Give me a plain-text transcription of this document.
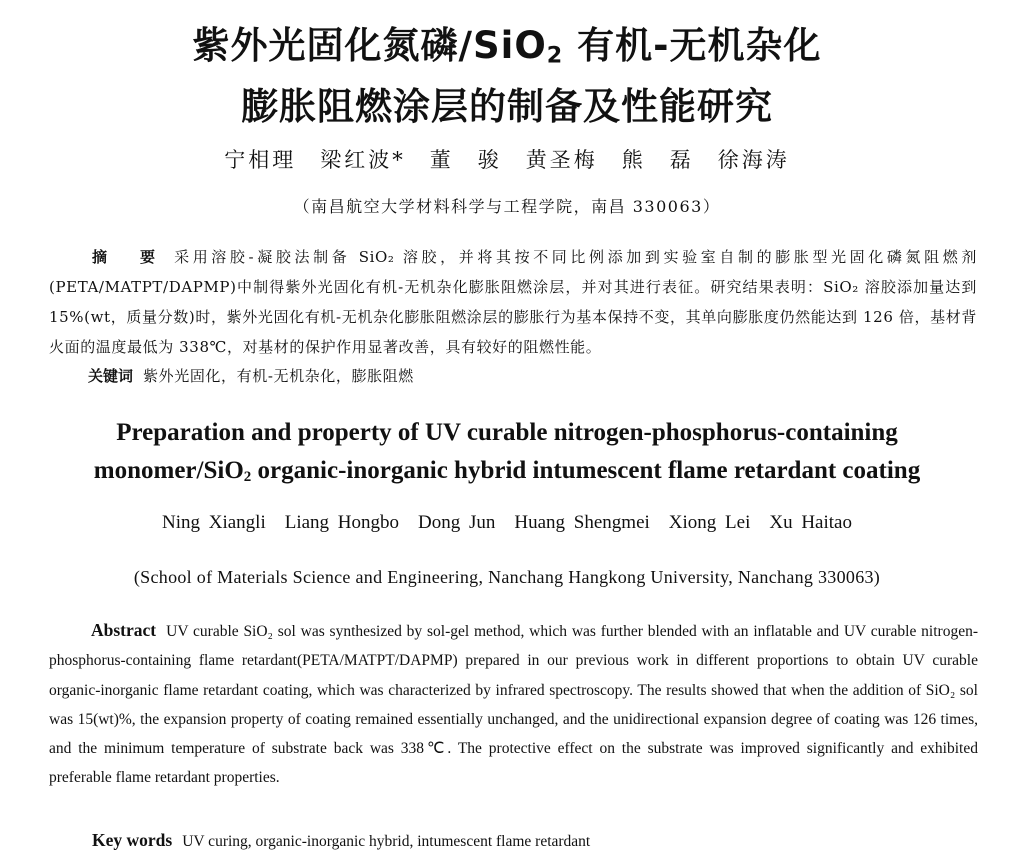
紫外光固化氮磷/SiO$_2$ 有机-无机杂化
膨胀阻燃涂层的制备及性能研究
宁相理　梁红波*　董　骏　黄圣梅　熊　磊　徐海涛
（南昌航空大学材料科学与工程学院，南昌 330063）
摘　要 采用溶胶-凝胶法制备 SiO₂ 溶胶，并将其按不同比例添加到实验室自制的膨胀型光固化磷氮阻燃剂(PETA/MATPT/DAPMP)中制得紫外光固化有机-无机杂化膨胀阻燃涂层，并对其进行表征。研究结果表明：SiO₂ 溶胶添加量达到 15%(wt，质量分数)时，紫外光固化有机-无机杂化膨胀阻燃涂层的膨胀行为基本保持不变，其单向膨胀度仍然能达到 126 倍，基材背火面的温度最低为 338℃，对基材的保护作用显著改善，具有较好的阻燃性能。
关键词 紫外光固化，有机-无机杂化，膨胀阻燃
Preparation and property of UV curable nitrogen-phosphorus-containing
monomer/SiO$_2$ organic-inorganic hybrid intumescent flame retardant coating
Ning Xiangli　Liang Hongbo　Dong Jun　Huang Shengmei　Xiong Lei　Xu Haitao
(School of Materials Science and Engineering, Nanchang Hangkong University, Nanchang 330063)
Abstract UV curable SiO₂ sol was synthesized by sol-gel method, which was further blended with an inflatable and UV curable nitrogen-phosphorus-containing flame retardant(PETA/MATPT/DAPMP) prepared in our previous work in different proportions to obtain UV curable organic-inorganic flame retardant coating, which was characterized by infrared spectroscopy. The results showed that when the addition of SiO₂ sol was 15(wt)%, the expansion property of coating remained essentially unchanged, and the unidirectional expansion degree of coating was 126 times, and the minimum temperature of substrate back was 338℃. The protective effect on the substrate was improved significantly and exhibited preferable flame retardant properties.
Key words UV curing, organic-inorganic hybrid, intumescent flame retardant
